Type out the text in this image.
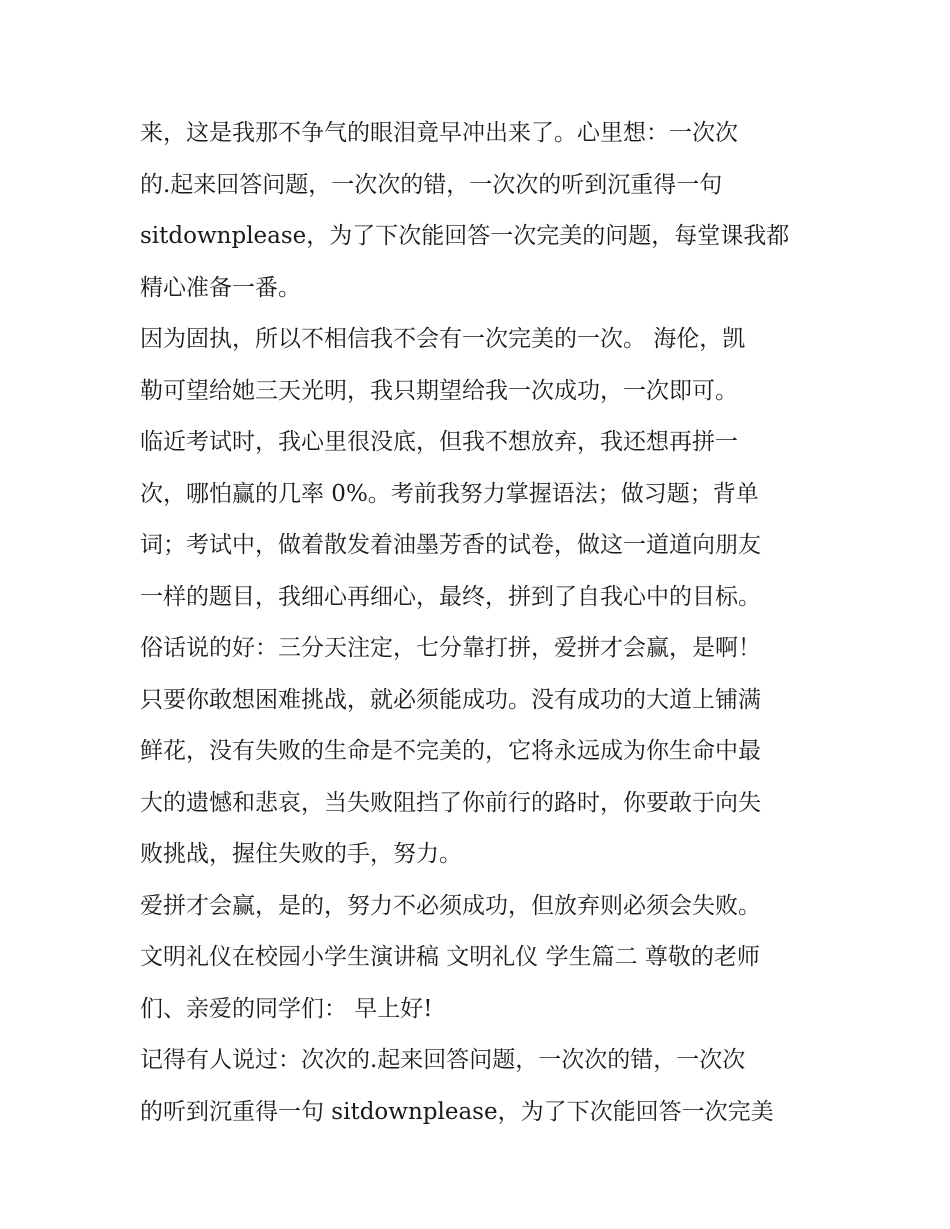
来，这是我那不争气的眼泪竟早冲出来了。心里想：一次次
的.起来回答问题，一次次的错，一次次的听到沉重得一句
sitdownplease，为了下次能回答一次完美的问题，每堂课我都
精心准备一番。
因为固执，所以不相信我不会有一次完美的一次。 海伦，凯
勒可望给她三天光明，我只期望给我一次成功，一次即可。
临近考试时，我心里很没底，但我不想放弃，我还想再拼一
次，哪怕赢的几率 0%。考前我努力掌握语法；做习题；背单
词；考试中，做着散发着油墨芳香的试卷，做这一道道向朋友
一样的题目，我细心再细心，最终，拼到了自我心中的目标。
俗话说的好：三分天注定，七分靠打拼，爱拼才会赢，是啊！
只要你敢想困难挑战，就必须能成功。没有成功的大道上铺满
鲜花，没有失败的生命是不完美的，它将永远成为你生命中最
大的遗憾和悲哀，当失败阻挡了你前行的路时，你要敢于向失
败挑战，握住失败的手，努力。
爱拼才会赢，是的，努力不必须成功，但放弃则必须会失败。
文明礼仪在校园小学生演讲稿 文明礼仪 学生篇二 尊敬的老师
们、亲爱的同学们： 早上好!
记得有人说过：次次的.起来回答问题，一次次的错，一次次
的听到沉重得一句 sitdownplease，为了下次能回答一次完美
